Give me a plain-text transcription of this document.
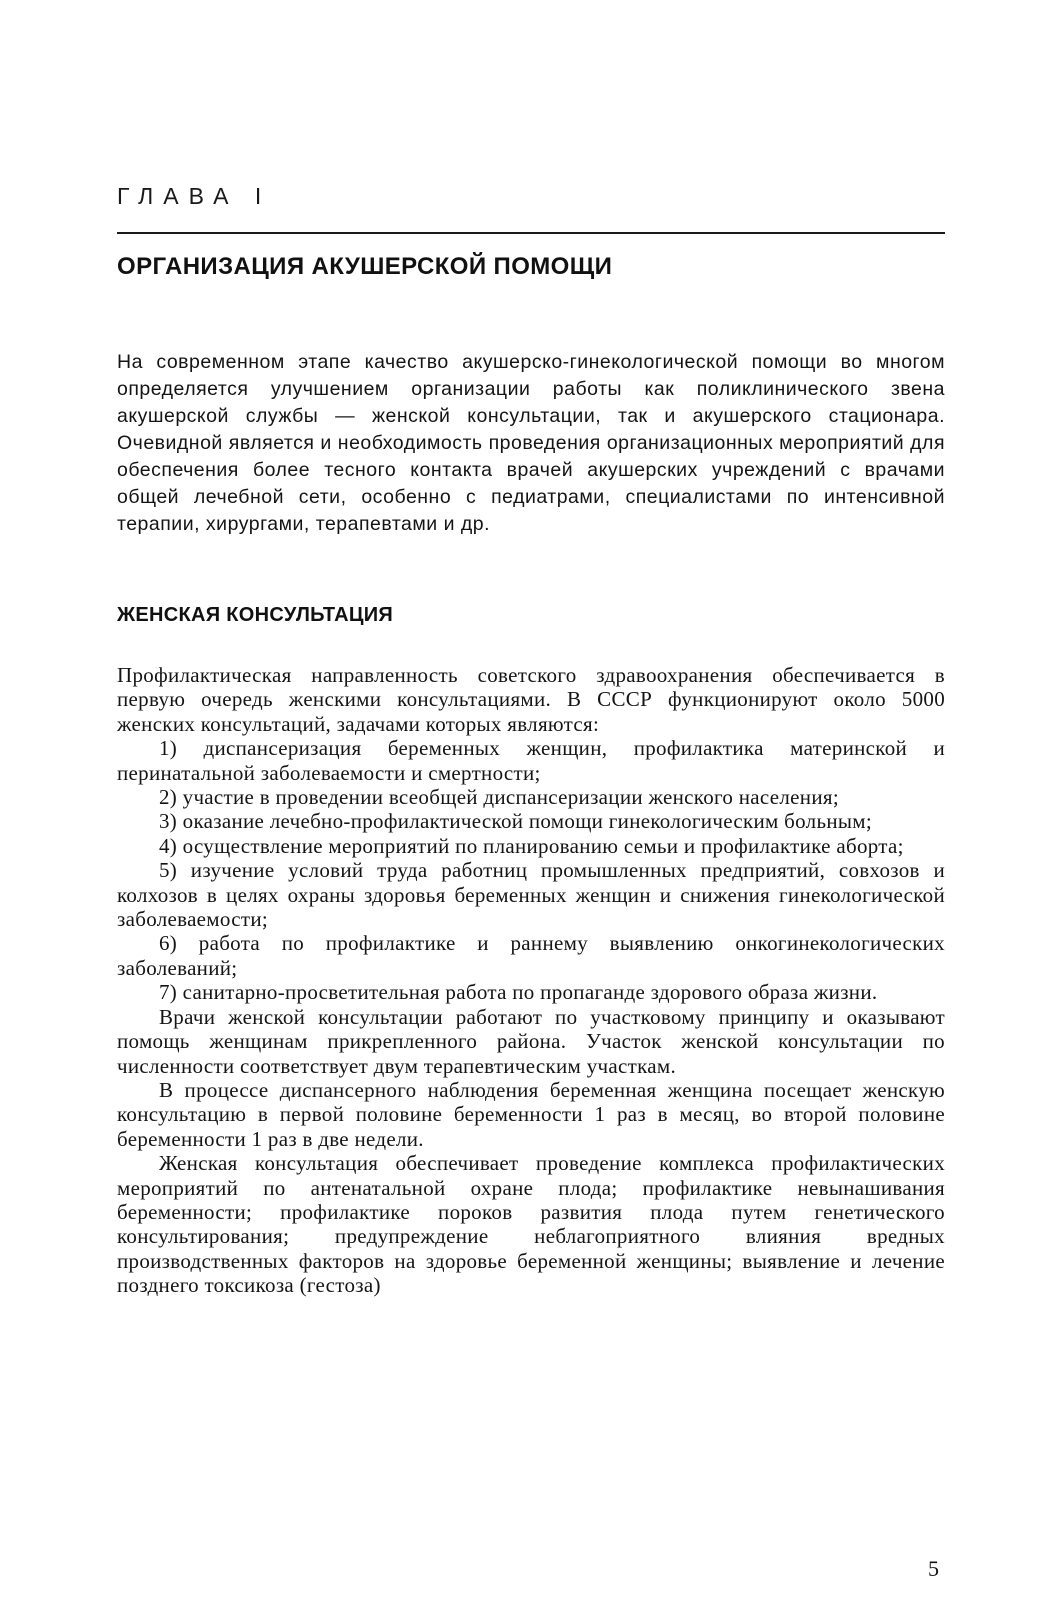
ГЛАВА I
ОРГАНИЗАЦИЯ АКУШЕРСКОЙ ПОМОЩИ

На современном этапе качество акушерско-гинекологической помощи во многом определяется улучшением организации работы как поликлинического звена акушерской службы — женской консультации, так и акушерского стационара. Очевидной является и необходимость проведения организационных мероприятий для обеспечения более тесного контакта врачей акушерских учреждений с врачами общей лечебной сети, особенно с педиатрами, специалистами по интенсивной терапии, хирургами, терапевтами и др.

ЖЕНСКАЯ КОНСУЛЬТАЦИЯ

Профилактическая направленность советского здравоохранения обеспечивается в первую очередь женскими консультациями. В СССР функционируют около 5000 женских консультаций, задачами которых являются:

1) диспансеризация беременных женщин, профилактика материнской и перинатальной заболеваемости и смертности;

2) участие в проведении всеобщей диспансеризации женского населения;

3) оказание лечебно-профилактической помощи гинекологическим больным;

4) осуществление мероприятий по планированию семьи и профилактике аборта;

5) изучение условий труда работниц промышленных предприятий, совхозов и колхозов в целях охраны здоровья беременных женщин и снижения гинекологической заболеваемости;

6) работа по профилактике и раннему выявлению онкогинекологических заболеваний;

7) санитарно-просветительная работа по пропаганде здорового образа жизни.

Врачи женской консультации работают по участковому принципу и оказывают помощь женщинам прикрепленного района. Участок женской консультации по численности соответствует двум терапевтическим участкам.

В процессе диспансерного наблюдения беременная женщина посещает женскую консультацию в первой половине беременности 1 раз в месяц, во второй половине беременности 1 раз в две недели.

Женская консультация обеспечивает проведение комплекса профилактических мероприятий по антенатальной охране плода; профилактике невынашивания беременности; профилактике пороков развития плода путем генетического консультирования; предупреждение неблагоприятного влияния вредных производственных факторов на здоровье беременной женщины; выявление и лечение позднего токсикоза (гестоза)

5
